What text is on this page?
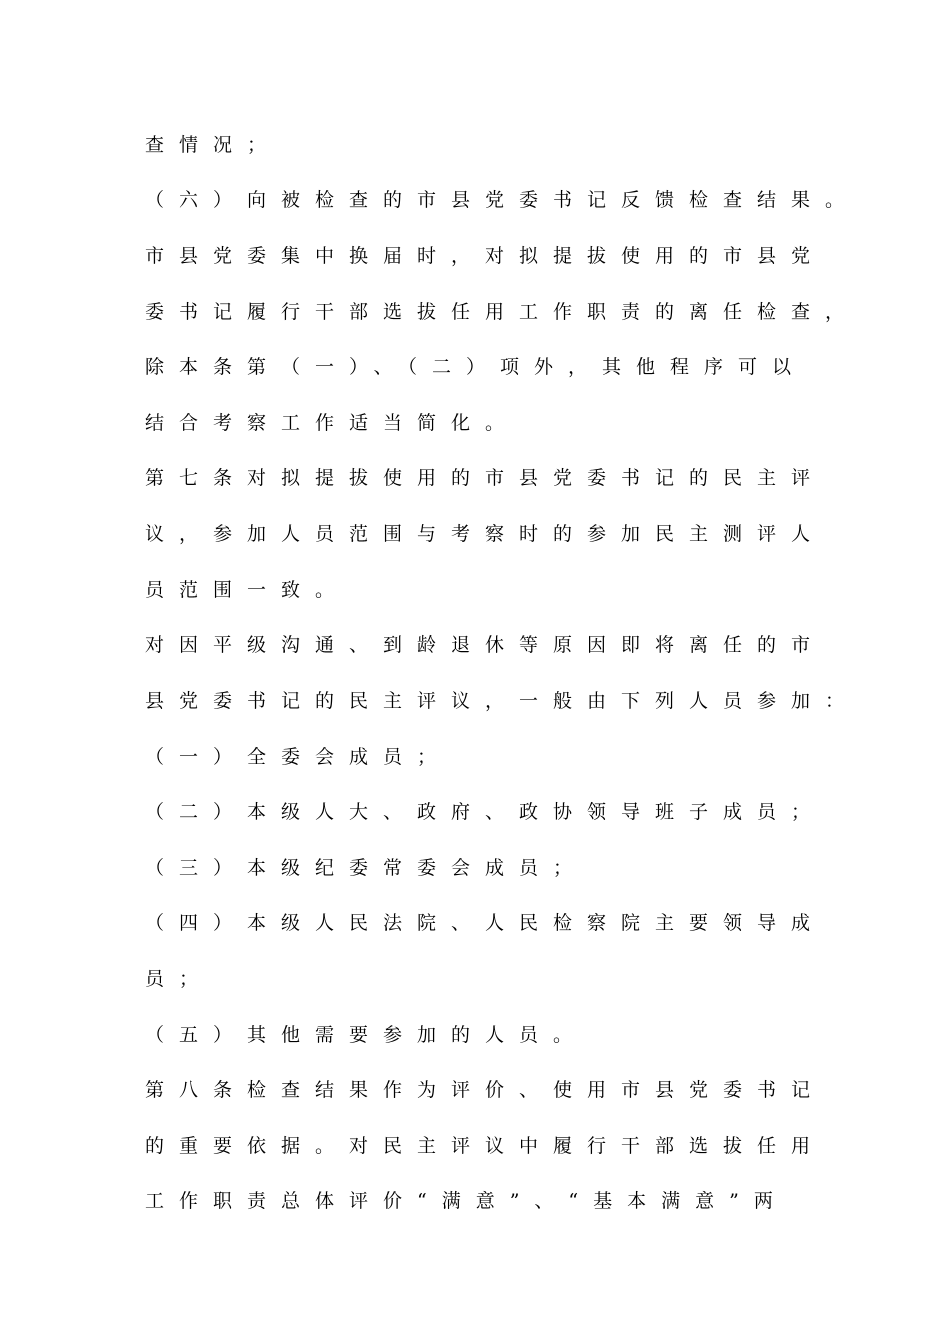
查情况；
（六）向被检查的市县党委书记反馈检查结果。
市县党委集中换届时，对拟提拔使用的市县党
委书记履行干部选拔任用工作职责的离任检查，
除本条第（一）、（二）项外，其他程序可以
结合考察工作适当简化。
第七条对拟提拔使用的市县党委书记的民主评
议，参加人员范围与考察时的参加民主测评人
员范围一致。
对因平级沟通、到龄退休等原因即将离任的市
县党委书记的民主评议，一般由下列人员参加：
（一）全委会成员；
（二）本级人大、政府、政协领导班子成员；
（三）本级纪委常委会成员；
（四）本级人民法院、人民检察院主要领导成
员；
（五）其他需要参加的人员。
第八条检查结果作为评价、使用市县党委书记
的重要依据。对民主评议中履行干部选拔任用
工作职责总体评价“满意”、“基本满意”两
